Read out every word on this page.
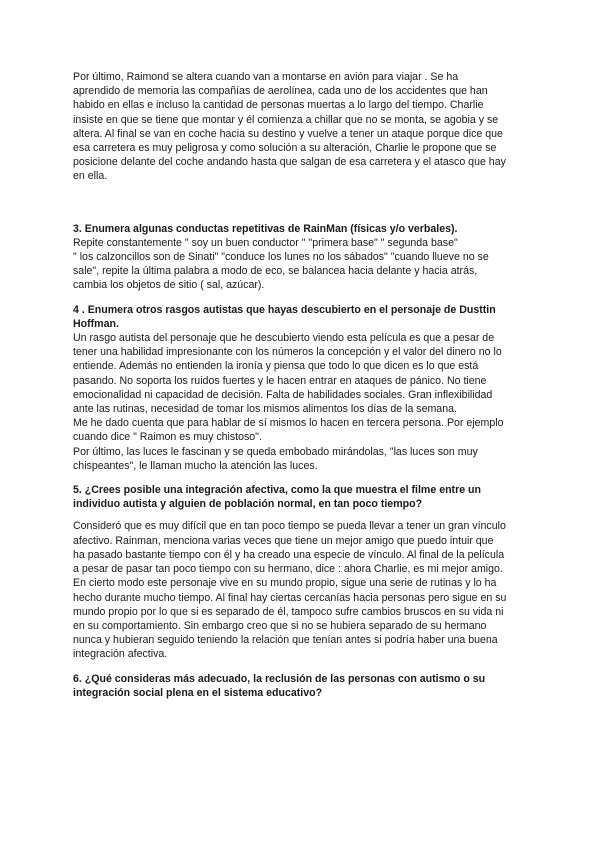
Por último, Raimond se altera cuando van a montarse en avión para viajar . Se ha aprendido de memoria las compañías de aerolínea, cada uno de los accidentes que han habido en ellas e incluso la cantidad de personas muertas a lo largo del tiempo. Charlie insiste en que se tiene que montar y él comienza a chillar que no se monta, se agobia y se altera. Al final se van en coche hacia su destino y vuelve a tener un ataque porque dice que esa carretera es muy peligrosa y como solución a su alteración, Charlie le propone que se posicione delante del coche andando hasta que salgan de esa carretera y el atasco que hay en ella.

3. Enumera algunas conductas repetitivas de RainMan (físicas y/o verbales).

Repite constantemente " soy un buen conductor " "primera base" " segunda base"

" los calzoncillos son de Sinati" "conduce los lunes no los sábados" "cuando llueve no se sale", repite la última palabra a modo de eco, se balancea hacia delante y hacia atrás, cambia los objetos de sitio ( sal, azúcar).

4 . Enumera otros rasgos autistas que hayas descubierto en el personaje de Dusttin Hoffman.

Un rasgo autista del personaje que he descubierto viendo esta película es que a pesar de tener una habilidad impresionante con los números la concepción y el valor del dinero no lo entiende. Además no entienden la ironía y piensa que todo lo que dicen es lo que está pasando. No soporta los ruidos fuertes y le hacen entrar en ataques de pánico. No tiene emocionalidad ni capacidad de decisión. Falta de habilidades sociales. Gran inflexibilidad ante las rutinas, necesidad de tomar los mismos alimentos los días de la semana.

Me he dado cuenta que para hablar de sí mismos lo hacen en tercera persona. Por ejemplo cuando dice " Raimon es muy chistoso".

Por último, las luces le fascinan y se queda embobado mirándolas, "las luces son muy chispeantes", le llaman mucho la atención las luces.

5. ¿Crees posible una integración afectiva, como la que muestra el filme entre un individuo autista y alguien de población normal, en tan poco tiempo?

Consideró que es muy difícil que en tan poco tiempo se pueda llevar a tener un gran vínculo afectivo. Rainman, menciona varias veces que tiene un mejor amigo que puedo intuir que ha pasado bastante tiempo con él y ha creado una especie de vínculo. Al final de la película a pesar de pasar tan poco tiempo con su hermano, dice : ahora Charlie, es mi mejor amigo. En cierto modo este personaje vive en su mundo propio, sigue una serie de rutinas y lo ha hecho durante mucho tiempo. Al final hay ciertas cercanías hacia personas pero sigue en su mundo propio por lo que si es separado de él, tampoco sufre cambios bruscos en su vida ni en su comportamiento. Sin embargo creo que si no se hubiera separado de su hermano nunca y hubieran seguido teniendo la relación que tenían antes si podría haber una buena integración afectiva.

6. ¿Qué consideras más adecuado, la reclusión de las personas con autismo o su integración social plena en el sistema educativo?
